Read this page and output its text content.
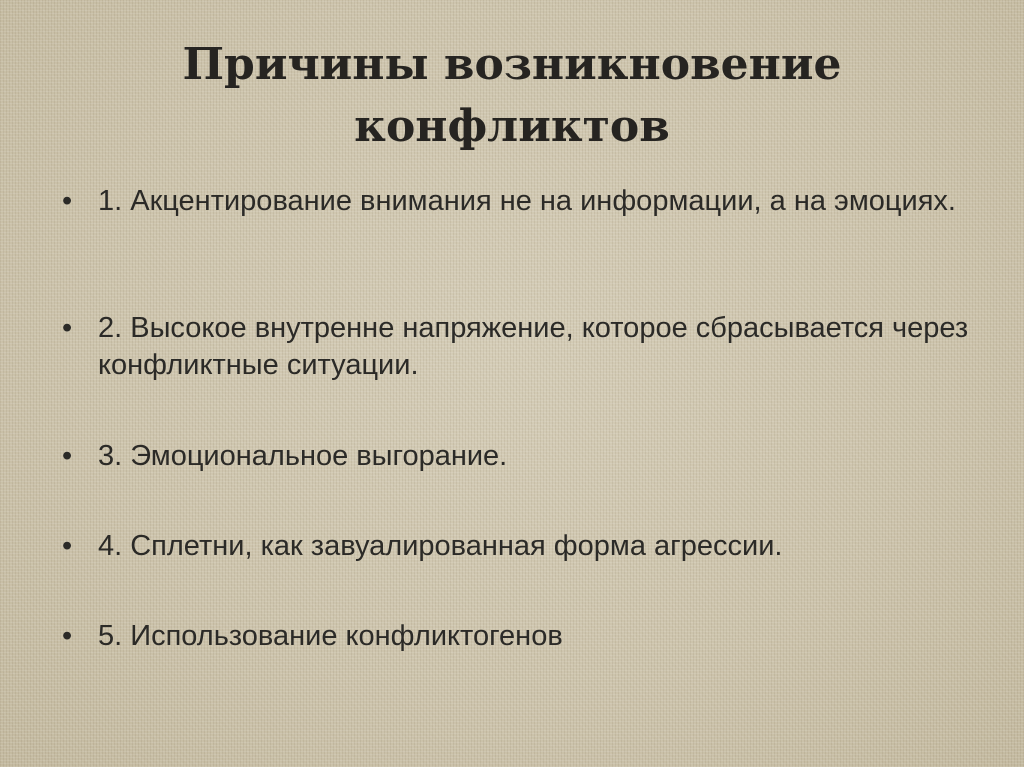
Причины возникновение
конфликтов
• 1. Акцентирование внимания не на информации, а на эмоциях.
• 2. Высокое внутренне напряжение, которое сбрасывается через конфликтные ситуации.
• 3. Эмоциональное выгорание.
• 4. Сплетни, как завуалированная форма агрессии.
• 5. Использование конфликтогенов
